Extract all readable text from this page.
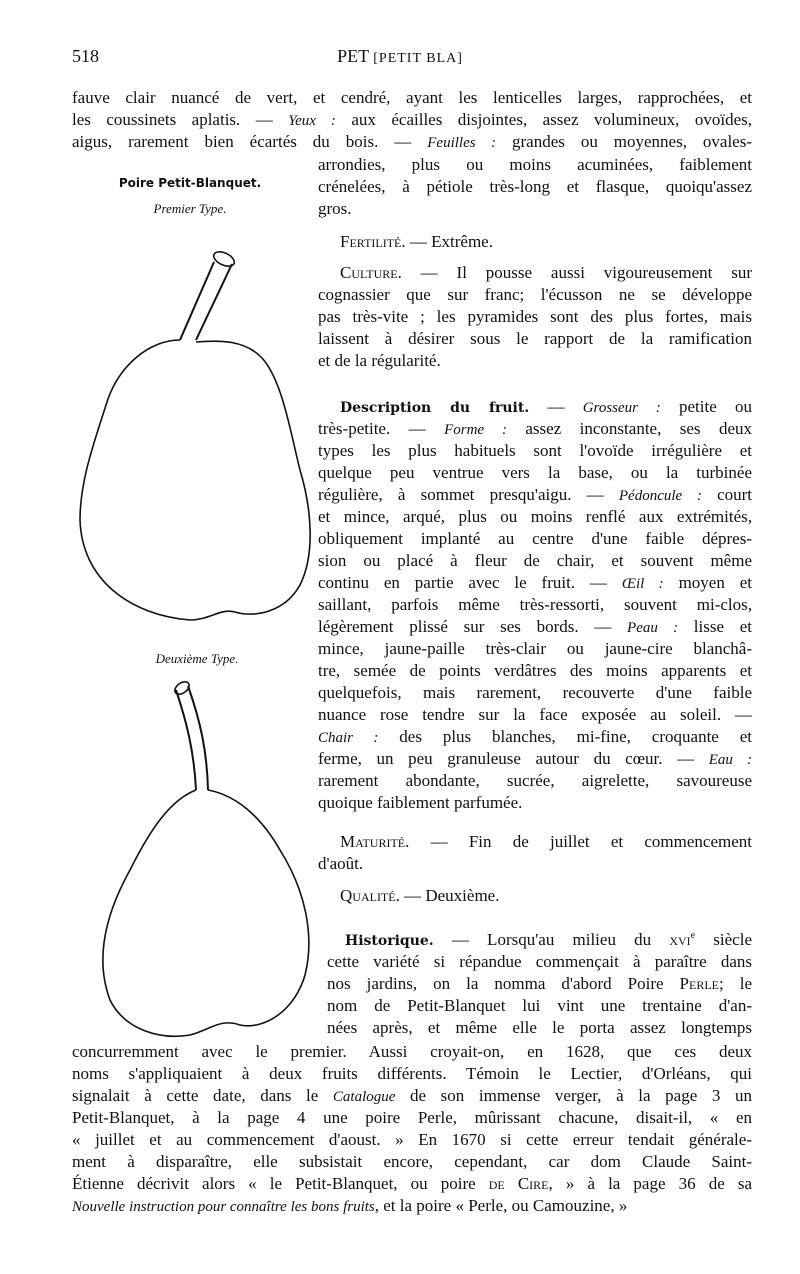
518	PET [PETIT BLA]
Poire Petit-Blanquet.
Premier Type.
Deuxième Type.
fauve clair nuancé de vert, et cendré, ayant les lenticelles larges, rapprochées, et
les coussinets aplatis. — Yeux : aux écailles disjointes, assez volumineux, ovoïdes,
aigus, rarement bien écartés du bois. — Feuilles : grandes ou moyennes, ovales-
arrondies, plus ou moins acuminées, faiblement
crénelées, à pétiole très-long et flasque, quoiqu'assez
gros.
Fertilité. — Extrême.
Culture. — Il pousse aussi vigoureusement sur
cognassier que sur franc; l'écusson ne se développe
pas très-vite ; les pyramides sont des plus fortes, mais
laissent à désirer sous le rapport de la ramification
et de la régularité.
Description du fruit. — Grosseur : petite ou
très-petite. — Forme : assez inconstante, ses deux
types les plus habituels sont l'ovoïde irrégulière et
quelque peu ventrue vers la base, ou la turbinée
régulière, à sommet presqu'aigu. — Pédoncule : court
et mince, arqué, plus ou moins renflé aux extrémités,
obliquement implanté au centre d'une faible dépres-
sion ou placé à fleur de chair, et souvent même
continu en partie avec le fruit. — Œil : moyen et
saillant, parfois même très-ressorti, souvent mi-clos,
légèrement plissé sur ses bords. — Peau : lisse et
mince, jaune-paille très-clair ou jaune-cire blanchâ-
tre, semée de points verdâtres des moins apparents et
quelquefois, mais rarement, recouverte d'une faible
nuance rose tendre sur la face exposée au soleil. —
Chair : des plus blanches, mi-fine, croquante et
ferme, un peu granuleuse autour du cœur. — Eau :
rarement abondante, sucrée, aigrelette, savoureuse
quoique faiblement parfumée.
Maturité. — Fin de juillet et commencement
d'août.
Qualité. — Deuxième.
Historique. — Lorsqu'au milieu du xvi$^e$ siècle
cette variété si répandue commençait à paraître dans
nos jardins, on la nomma d'abord Poire Perle; le
nom de Petit-Blanquet lui vint une trentaine d'an-
nées après, et même elle le porta assez longtemps
concurremment avec le premier. Aussi croyait-on, en 1628, que ces deux
noms s'appliquaient à deux fruits différents. Témoin le Lectier, d'Orléans, qui
signalait à cette date, dans le Catalogue de son immense verger, à la page 3 un
Petit-Blanquet, à la page 4 une poire Perle, mûrissant chacune, disait-il, « en
« juillet et au commencement d'aoust. » En 1670 si cette erreur tendait générale-
ment à disparaître, elle subsistait encore, cependant, car dom Claude Saint-
Étienne décrivit alors « le Petit-Blanquet, ou poire de Cire, » à la page 36 de sa
Nouvelle instruction pour connaître les bons fruits, et la poire « Perle, ou Camouzine, »
